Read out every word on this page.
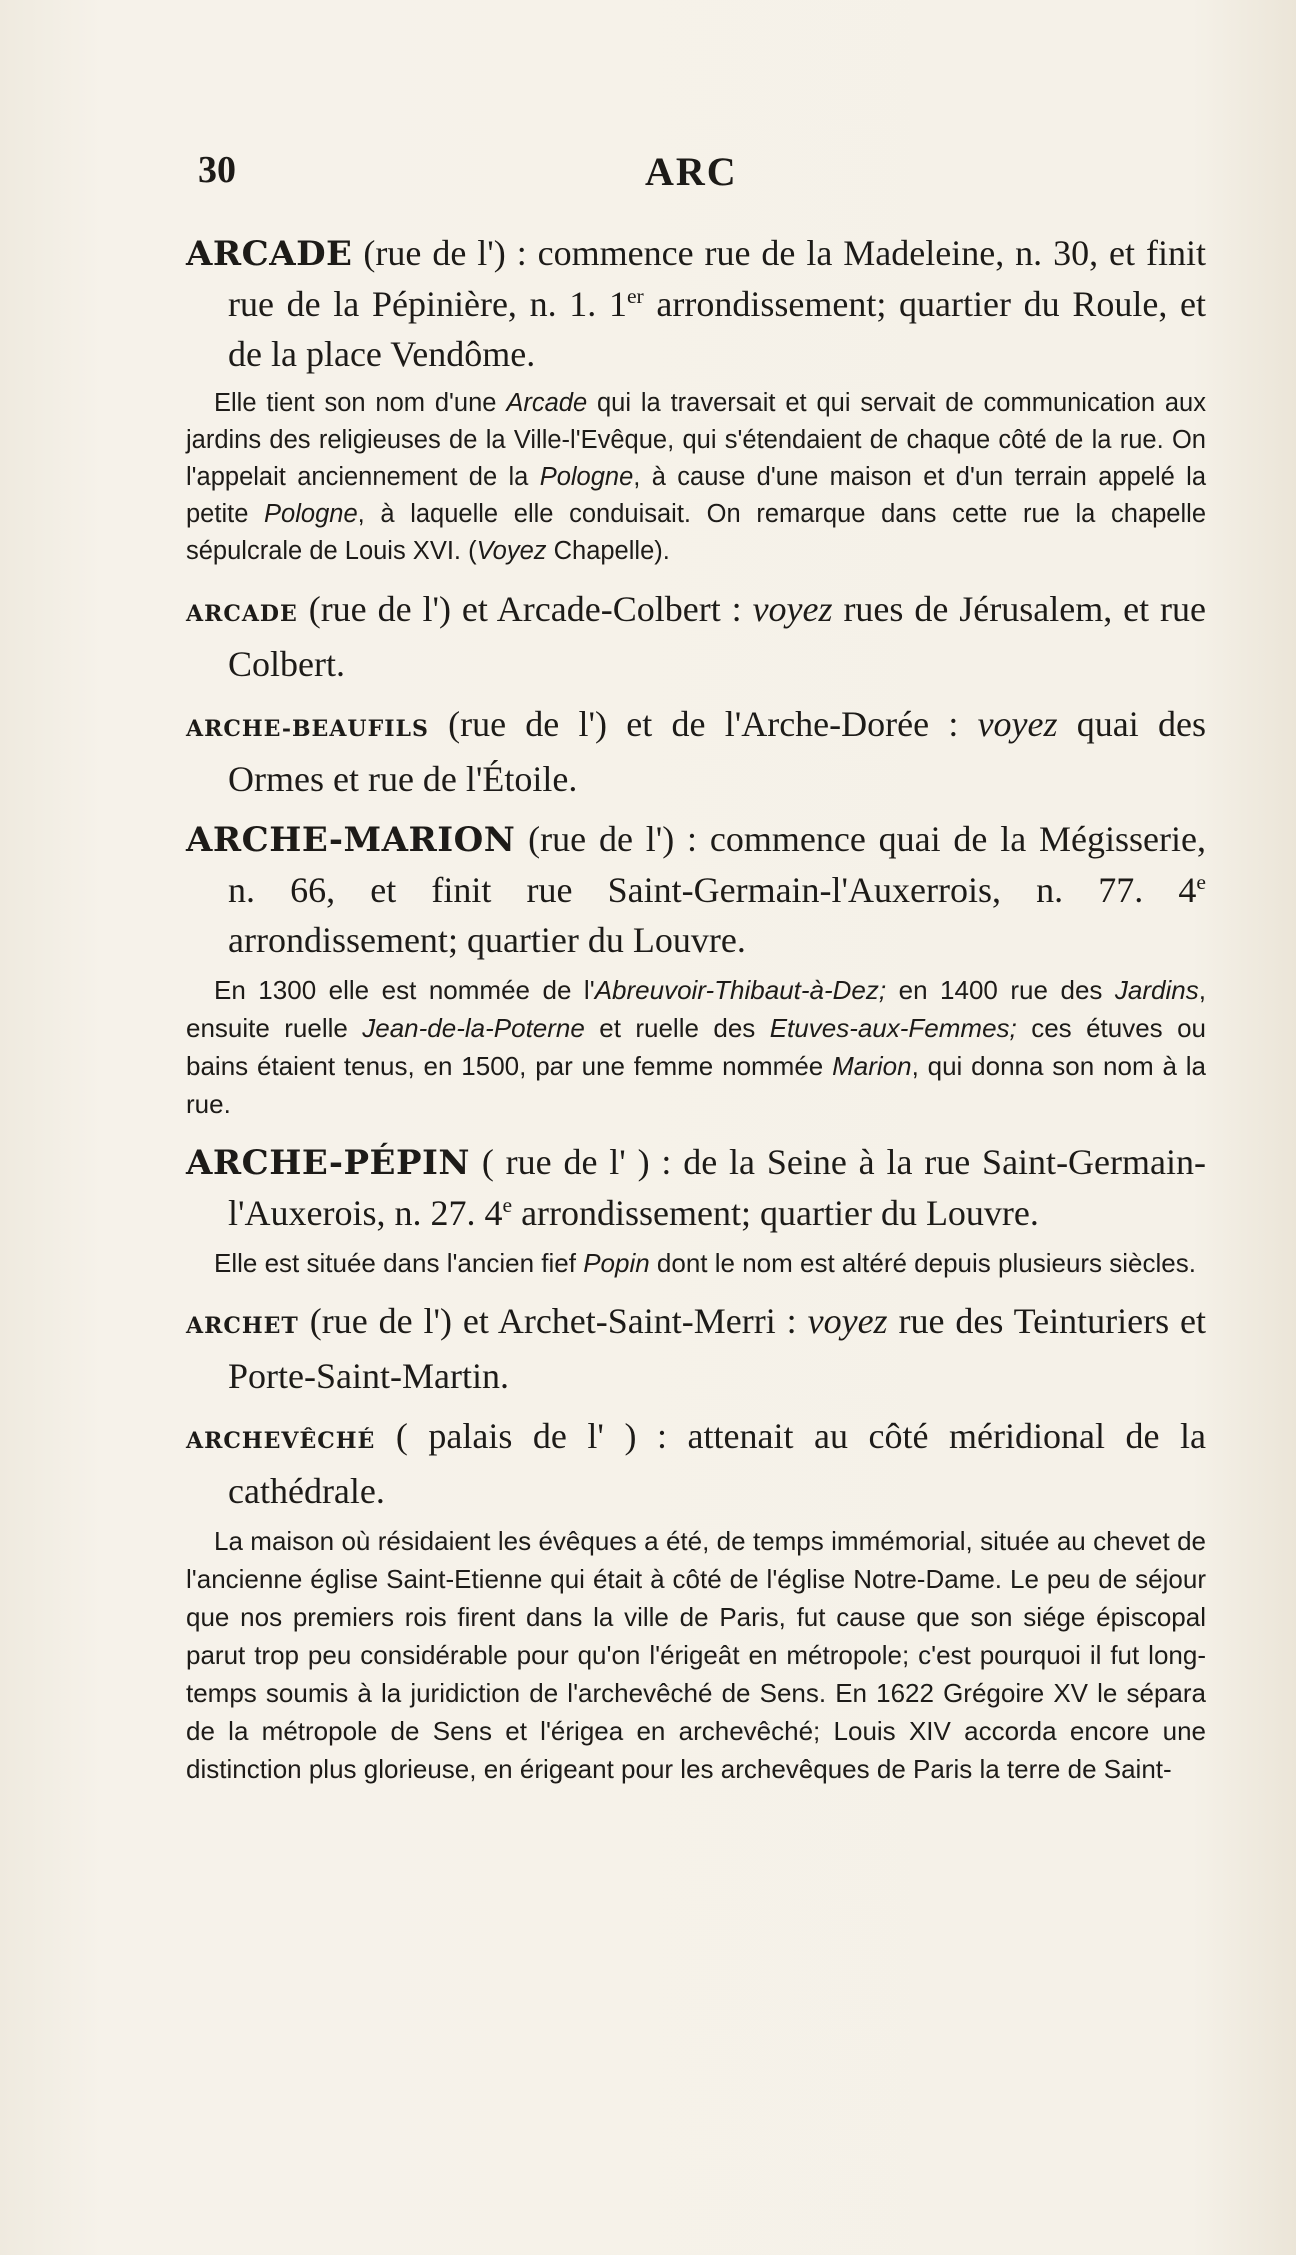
30	ARC

ARCADE (rue de l') : commence rue de la Madeleine, n. 30, et finit rue de la Pépinière, n. 1. 1er arrondissement; quartier du Roule, et de la place Vendôme.

Elle tient son nom d'une Arcade qui la traversait et qui servait de communication aux jardins des religieuses de la Ville-l'Evêque, qui s'étendaient de chaque côté de la rue. On l'appelait anciennement de la Pologne, à cause d'une maison et d'un terrain appelé la petite Pologne, à laquelle elle conduisait. On remarque dans cette rue la chapelle sépulcrale de Louis XVI. (Voyez Chapelle).

ARCADE (rue de l') et Arcade-Colbert : voyez rues de Jérusalem, et rue Colbert.

ARCHE-BEAUFILS (rue de l') et de l'Arche-Dorée : voyez quai des Ormes et rue de l'Étoile.

ARCHE-MARION (rue de l') : commence quai de la Mégisserie, n. 66, et finit rue Saint-Germain-l'Auxerrois, n. 77. 4e arrondissement; quartier du Louvre.

En 1300 elle est nommée de l'Abreuvoir-Thibaut-à-Dez; en 1400 rue des Jardins, ensuite ruelle Jean-de-la-Poterne et ruelle des Etuves-aux-Femmes; ces étuves ou bains étaient tenus, en 1500, par une femme nommée Marion, qui donna son nom à la rue.

ARCHE-PÉPIN ( rue de l' ) : de la Seine à la rue Saint-Germain-l'Auxerois, n. 27. 4e arrondissement; quartier du Louvre.

Elle est située dans l'ancien fief Popin dont le nom est altéré depuis plusieurs siècles.

ARCHET (rue de l') et Archet-Saint-Merri : voyez rue des Teinturiers et Porte-Saint-Martin.

ARCHEVÊCHÉ ( palais de l' ) : attenait au côté méridional de la cathédrale.

La maison où résidaient les évêques a été, de temps immémorial, située au chevet de l'ancienne église Saint-Etienne qui était à côté de l'église Notre-Dame. Le peu de séjour que nos premiers rois firent dans la ville de Paris, fut cause que son siége épiscopal parut trop peu considérable pour qu'on l'érigeât en métropole; c'est pourquoi il fut long-temps soumis à la juridiction de l'archevêché de Sens. En 1622 Grégoire XV le sépara de la métropole de Sens et l'érigea en archevêché; Louis XIV accorda encore une distinction plus glorieuse, en érigeant pour les archevêques de Paris la terre de Saint-
